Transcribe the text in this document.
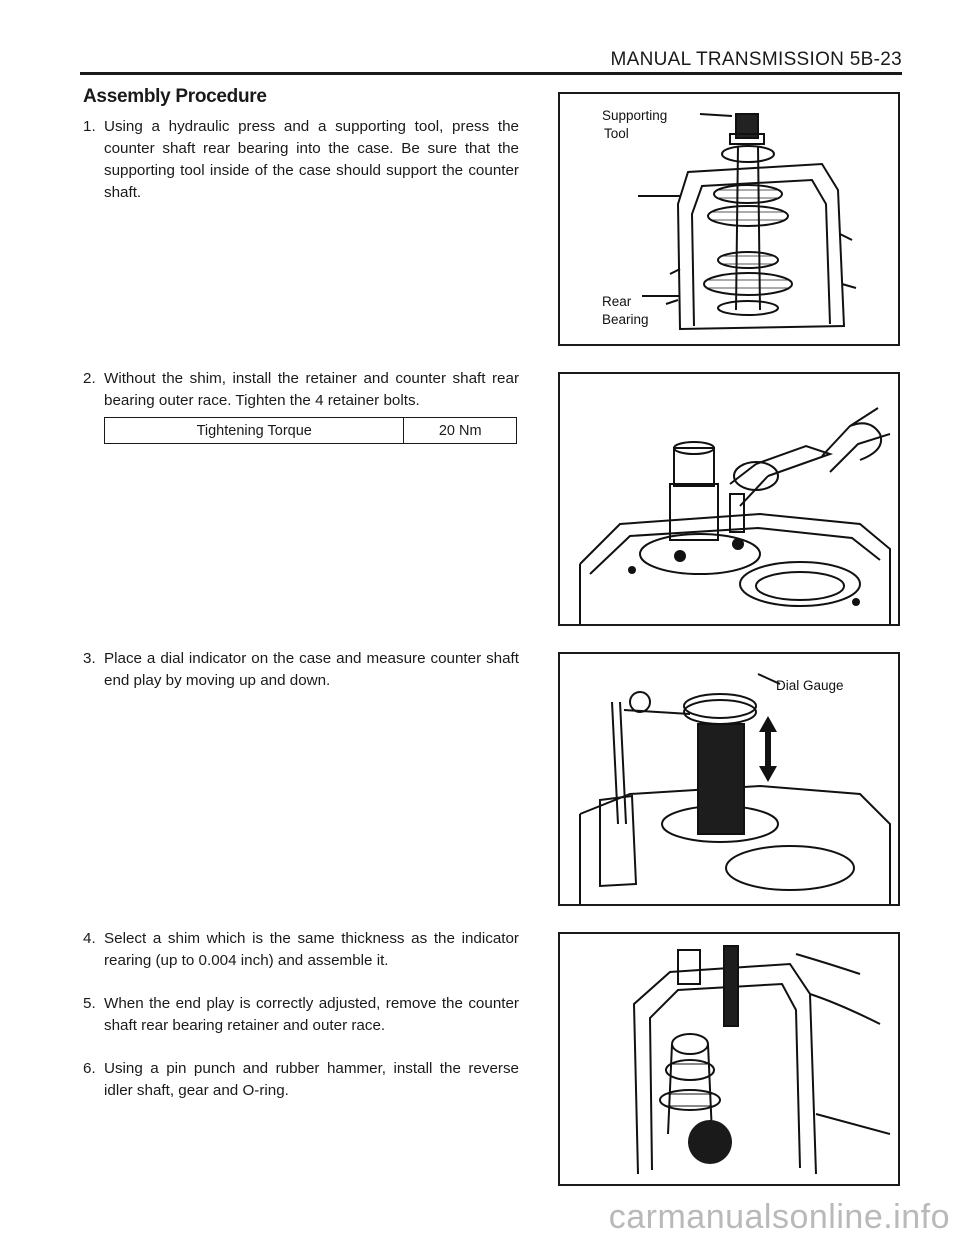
MANUAL TRANSMISSION 5B-23
Assembly Procedure
1. Using a hydraulic press and a supporting tool, press the counter shaft rear bearing into the case. Be sure that the supporting tool inside of the case should support the counter shaft.
2. Without the shim, install the retainer and counter shaft rear bearing outer race. Tighten the 4 retainer bolts.
Tightening Torque	20 Nm
3. Place a dial indicator on the case and measure counter shaft end play by moving up and down.
4. Select a shim which is the same thickness as the indicator rearing (up to 0.004 inch) and assemble it.
5. When the end play is correctly adjusted, remove the counter shaft rear bearing retainer and outer race.
6. Using a pin punch and rubber hammer, install the reverse idler shaft, gear and O-ring.
Supporting
Tool
Rear
Bearing
Dial Gauge
carmanualsonline.info
